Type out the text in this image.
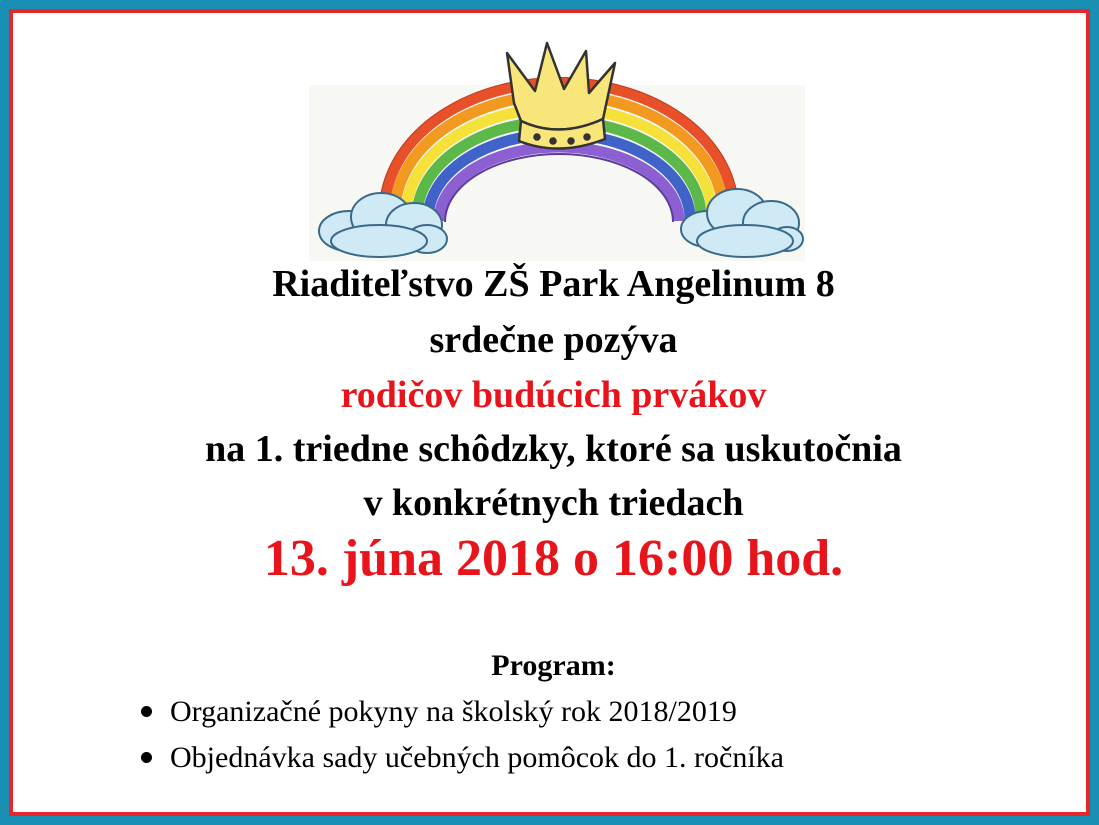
Riaditeľstvo ZŠ Park Angelinum 8
srdečne pozýva
rodičov budúcich prvákov
na 1. triedne schôdzky, ktoré sa uskutočnia
v konkrétnych triedach
13. júna 2018 o 16:00 hod.
Program:
Organizačné pokyny na školský rok 2018/2019
Objednávka sady učebných pomôcok do 1. ročníka
